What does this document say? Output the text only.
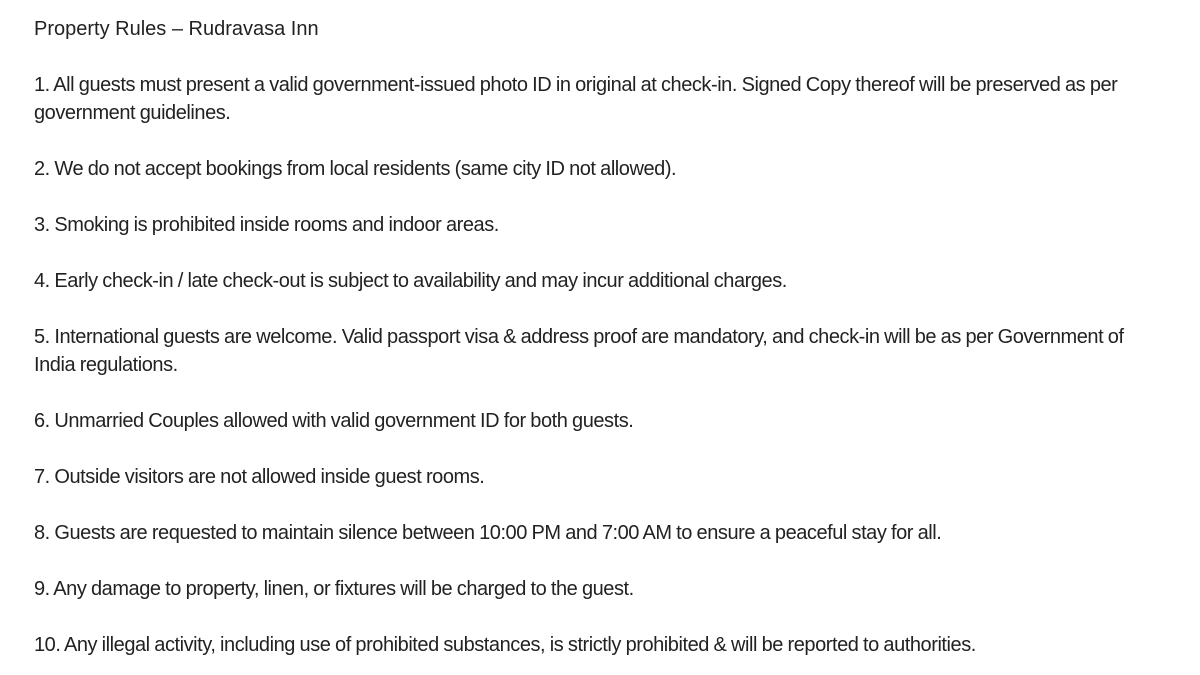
Property Rules – Rudravasa Inn
1. All guests must present a valid government-issued photo ID in original at check-in. Signed Copy thereof will be preserved as per government guidelines.
2. We do not accept bookings from local residents (same city ID not allowed).
3. Smoking is prohibited inside rooms and indoor areas.
4. Early check-in / late check-out is subject to availability and may incur additional charges.
5. International guests are welcome. Valid passport visa & address proof are mandatory, and check-in will be as per Government of India regulations.
6. Unmarried Couples allowed with valid government ID for both guests.
7. Outside visitors are not allowed inside guest rooms.
8. Guests are requested to maintain silence between 10:00 PM and 7:00 AM to ensure a peaceful stay for all.
9. Any damage to property, linen, or fixtures will be charged to the guest.
10. Any illegal activity, including use of prohibited substances, is strictly prohibited & will be reported to authorities.
